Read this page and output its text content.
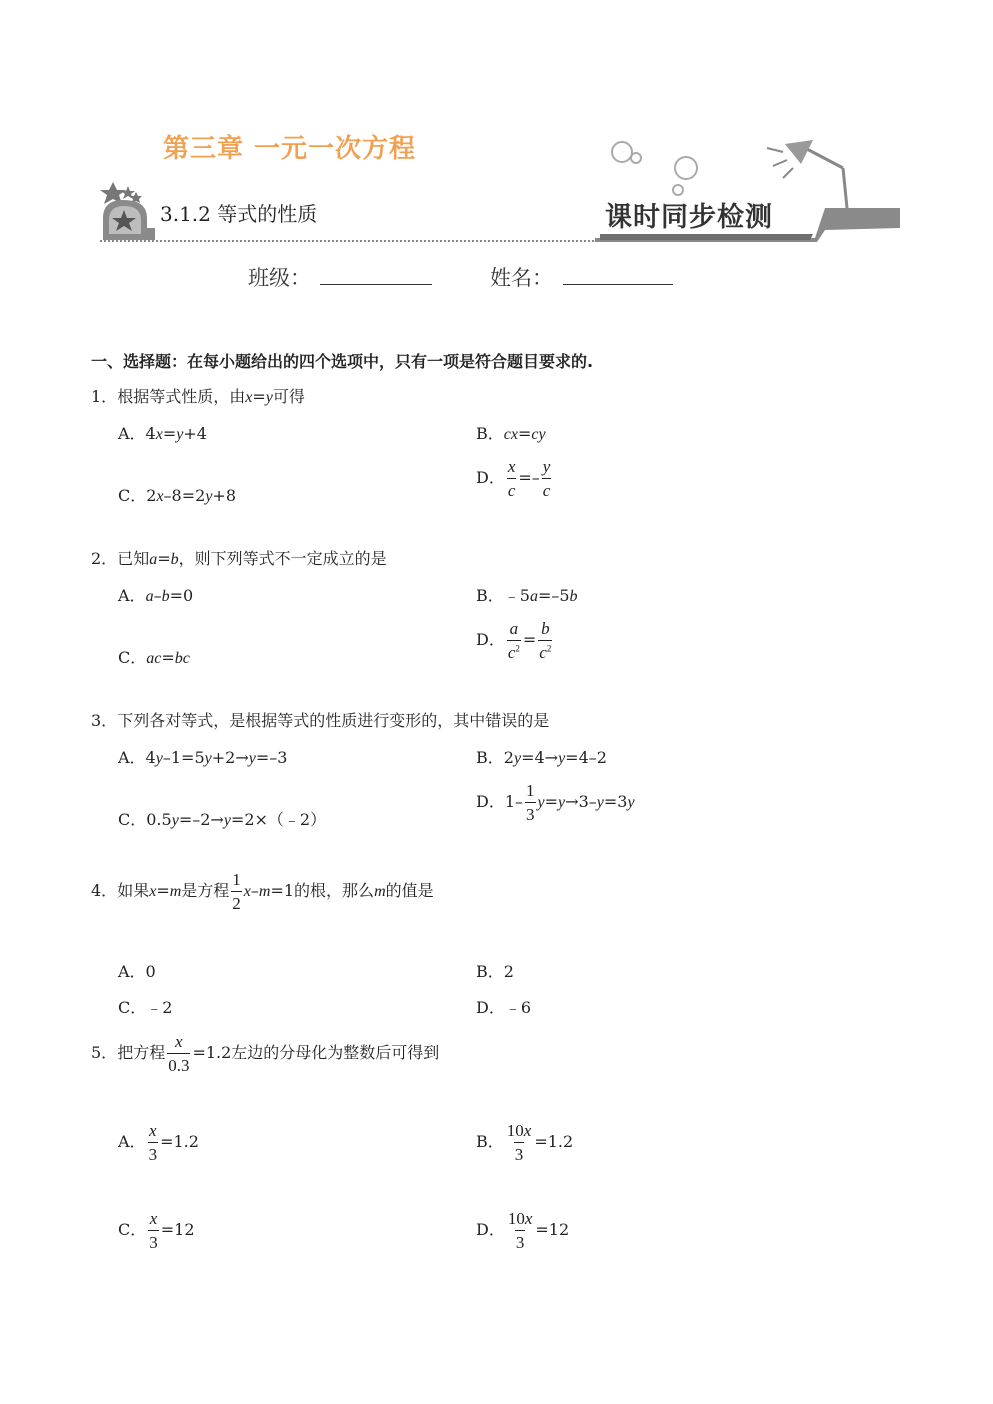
第三章 一元一次方程
3.1.2 等式的性质	课时同步检测
班级：	姓名：
一、选择题：在每小题给出的四个选项中，只有一项是符合题目要求的.
1．根据等式性质，由x=y可得
A．4x=y+4	B．cx=cy
C．2x–8=2y+8
D． $\frac{x}{c} =- \frac{y}{c}$
2．已知a=b，则下列等式不一定成立的是
A．a–b=0	B．﹣5a=–5b
C．ac=bc
D． $\frac{a}{c^2} = \frac{b}{c^2}$
3．下列各对等式，是根据等式的性质进行变形的，其中错误的是
A．4y–1=5y+2→y=–3	B．2y=4→y=4–2
C．0.5y=–2→y=2×（﹣2）
D．$1- \frac{1}{3} y=y\to 3-y=3y$
4．如果x=m是方程 $\frac{1}{2} x-m=1$的根，那么m的值是
A．0	B．2
C．﹣2	D．﹣6
5．把方程 $\frac{x}{0.3} =1.2$左边的分母化为整数后可得到
A． $\frac{x}{3} =1.2$	B． $\frac{10x}{3} =1.2$
C． $\frac{x}{3} =12$	D． $\frac{10x}{3} =12$
